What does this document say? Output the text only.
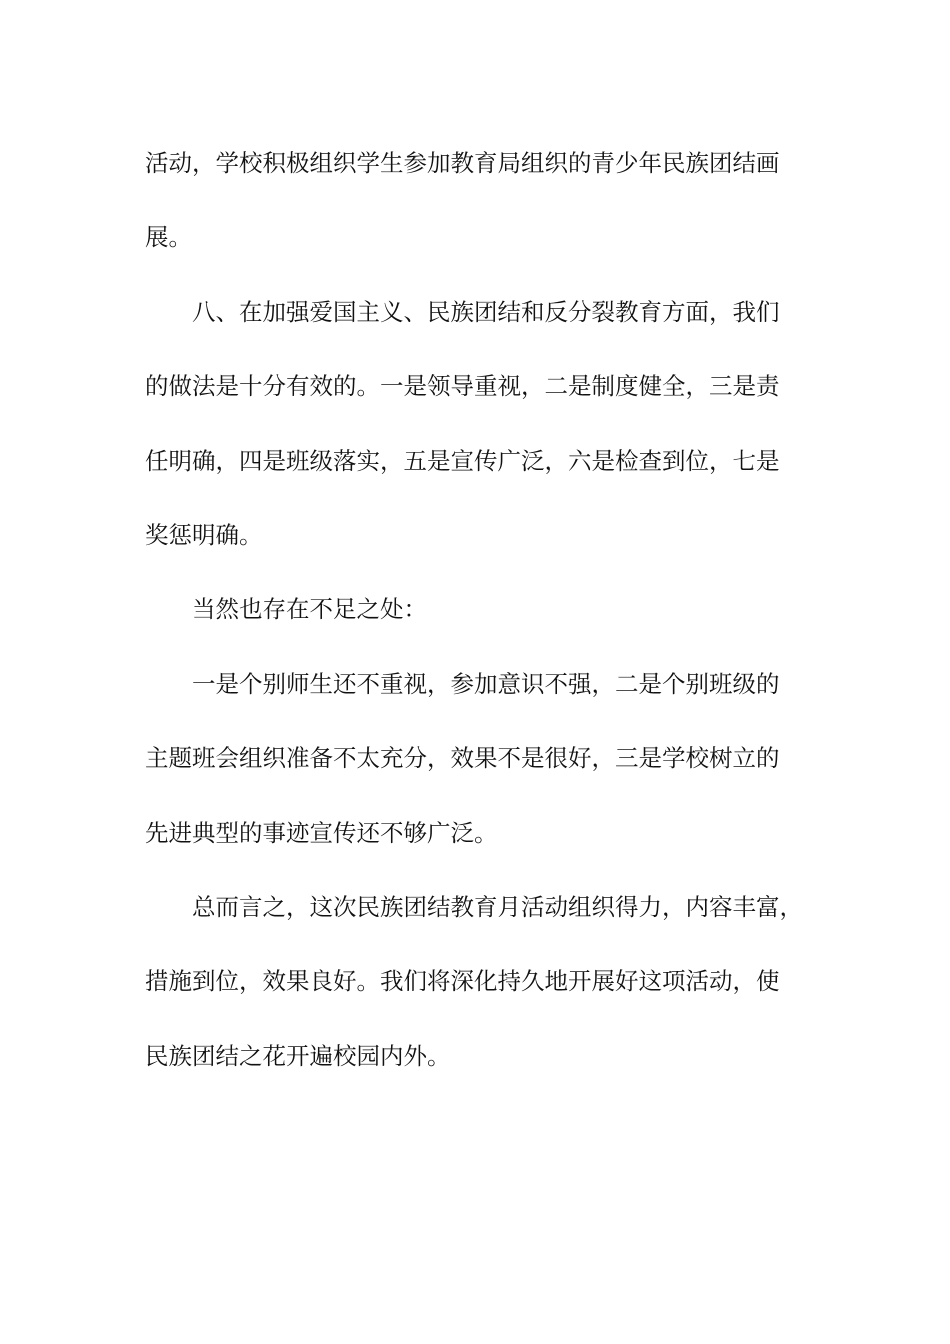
活动，学校积极组织学生参加教育局组织的青少年民族团结画

展。

八、在加强爱国主义、民族团结和反分裂教育方面，我们

的做法是十分有效的。一是领导重视，二是制度健全，三是责

任明确，四是班级落实，五是宣传广泛，六是检查到位，七是

奖惩明确。

当然也存在不足之处：

一是个别师生还不重视，参加意识不强，二是个别班级的

主题班会组织准备不太充分，效果不是很好，三是学校树立的

先进典型的事迹宣传还不够广泛。

总而言之，这次民族团结教育月活动组织得力，内容丰富，

措施到位，效果良好。我们将深化持久地开展好这项活动，使

民族团结之花开遍校园内外。
